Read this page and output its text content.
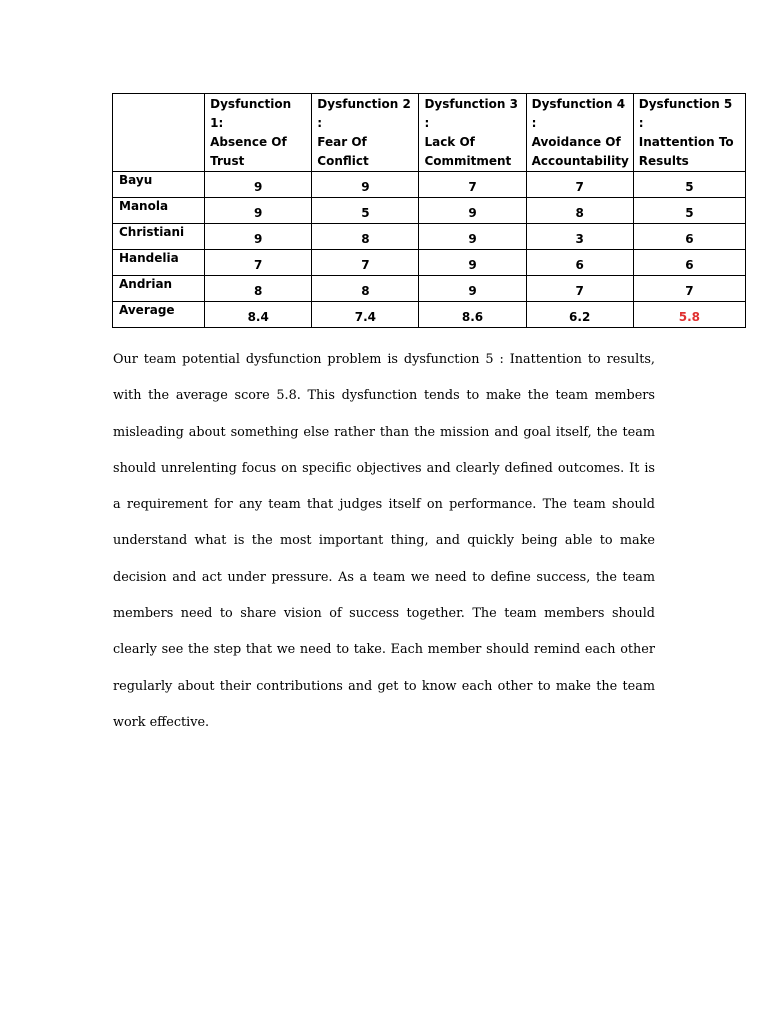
	Dysfunction 1:
Absence Of
Trust	Dysfunction 2 :
Fear Of
Conflict	Dysfunction 3 :
Lack Of
Commitment	Dysfunction 4 :
Avoidance Of
Accountability	Dysfunction 5 :
Inattention To
Results
Bayu	9	9	7	7	5
Manola	9	5	9	8	5
Christiani	9	8	9	3	6
Handelia	7	7	9	6	6
Andrian	8	8	9	7	7
Average	8.4	7.4	8.6	6.2	5.8

Our team potential dysfunction problem is dysfunction 5 : Inattention to results, with the average score 5.8. This dysfunction tends to make the team members misleading about something else rather than the mission and goal itself, the team should unrelenting focus on specific objectives and clearly defined outcomes. It is a requirement for any team that judges itself on performance. The team should understand what is the most important thing, and quickly being able to make decision and act under pressure. As a team we need to define success, the team members need to share vision of success together. The team members should clearly see the step that we need to take. Each member should remind each other regularly about their contributions and get to know each other to make the team work effective.
